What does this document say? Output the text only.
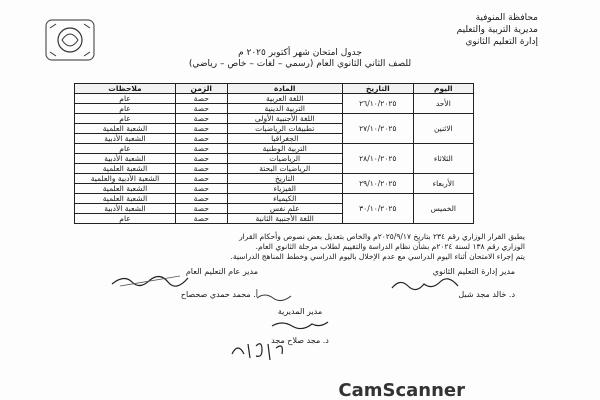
محافظة المنوفية
مديرية التربية والتعليم
إدارة التعليم الثانوي
جدول امتحان شهر أكتوبر ٢٠٢٥ م
للصف الثاني الثانوي العام (رسمي – لغات – خاص – رياضي)
اليوم	التاريخ	المادة	الزمن	ملاحظات
الأحد	٢٦/١٠/٢٠٢٥	اللغة العربية	حصة	عام
		التربية الدينية	حصة	عام
الاثنين	٢٧/١٠/٢٠٢٥	اللغة الأجنبية الأولى	حصة	عام
		تطبيقات الرياضيات	حصة	الشعبة العلمية
		الجغرافيا	حصة	الشعبة الأدبية
الثلاثاء	٢٨/١٠/٢٠٢٥	التربية الوطنية	حصة	عام
		الرياضيات	حصة	الشعبة الأدبية
		الرياضيات البحتة	حصة	الشعبة العلمية
الأربعاء	٢٩/١٠/٢٠٢٥	التاريخ	حصة	الشعبة الأدبية والعلمية
		الفيزياء	حصة	الشعبة العلمية
الخميس	٣٠/١٠/٢٠٢٥	الكيمياء	حصة	الشعبة العلمية
		علم نفس	حصة	الشعبة الأدبية
		اللغة الأجنبية الثانية	حصة	عام
يطبق القرار الوزاري رقم ٢٣٤ بتاريخ ٢٠٢٥/٩/١٧م والخاص بتعديل بعض نصوص وأحكام القرار
الوزاري رقم ١٣٨ لسنة ٢٠٢٤م بشأن نظام الدراسة والتقييم لطلاب مرحلة الثانوي العام.
يتم إجراء الامتحان أثناء اليوم الدراسي مع عدم الإخلال باليوم الدراسي وخطط المناهج الدراسية.
مدير إدارة التعليم الثانوي
د. خالد مجد شبل
مدير عام التعليم العام
أ. محمد حمدي صحصاح
مدير المديرية
د. مجد صلاح مجد
CamScanner
